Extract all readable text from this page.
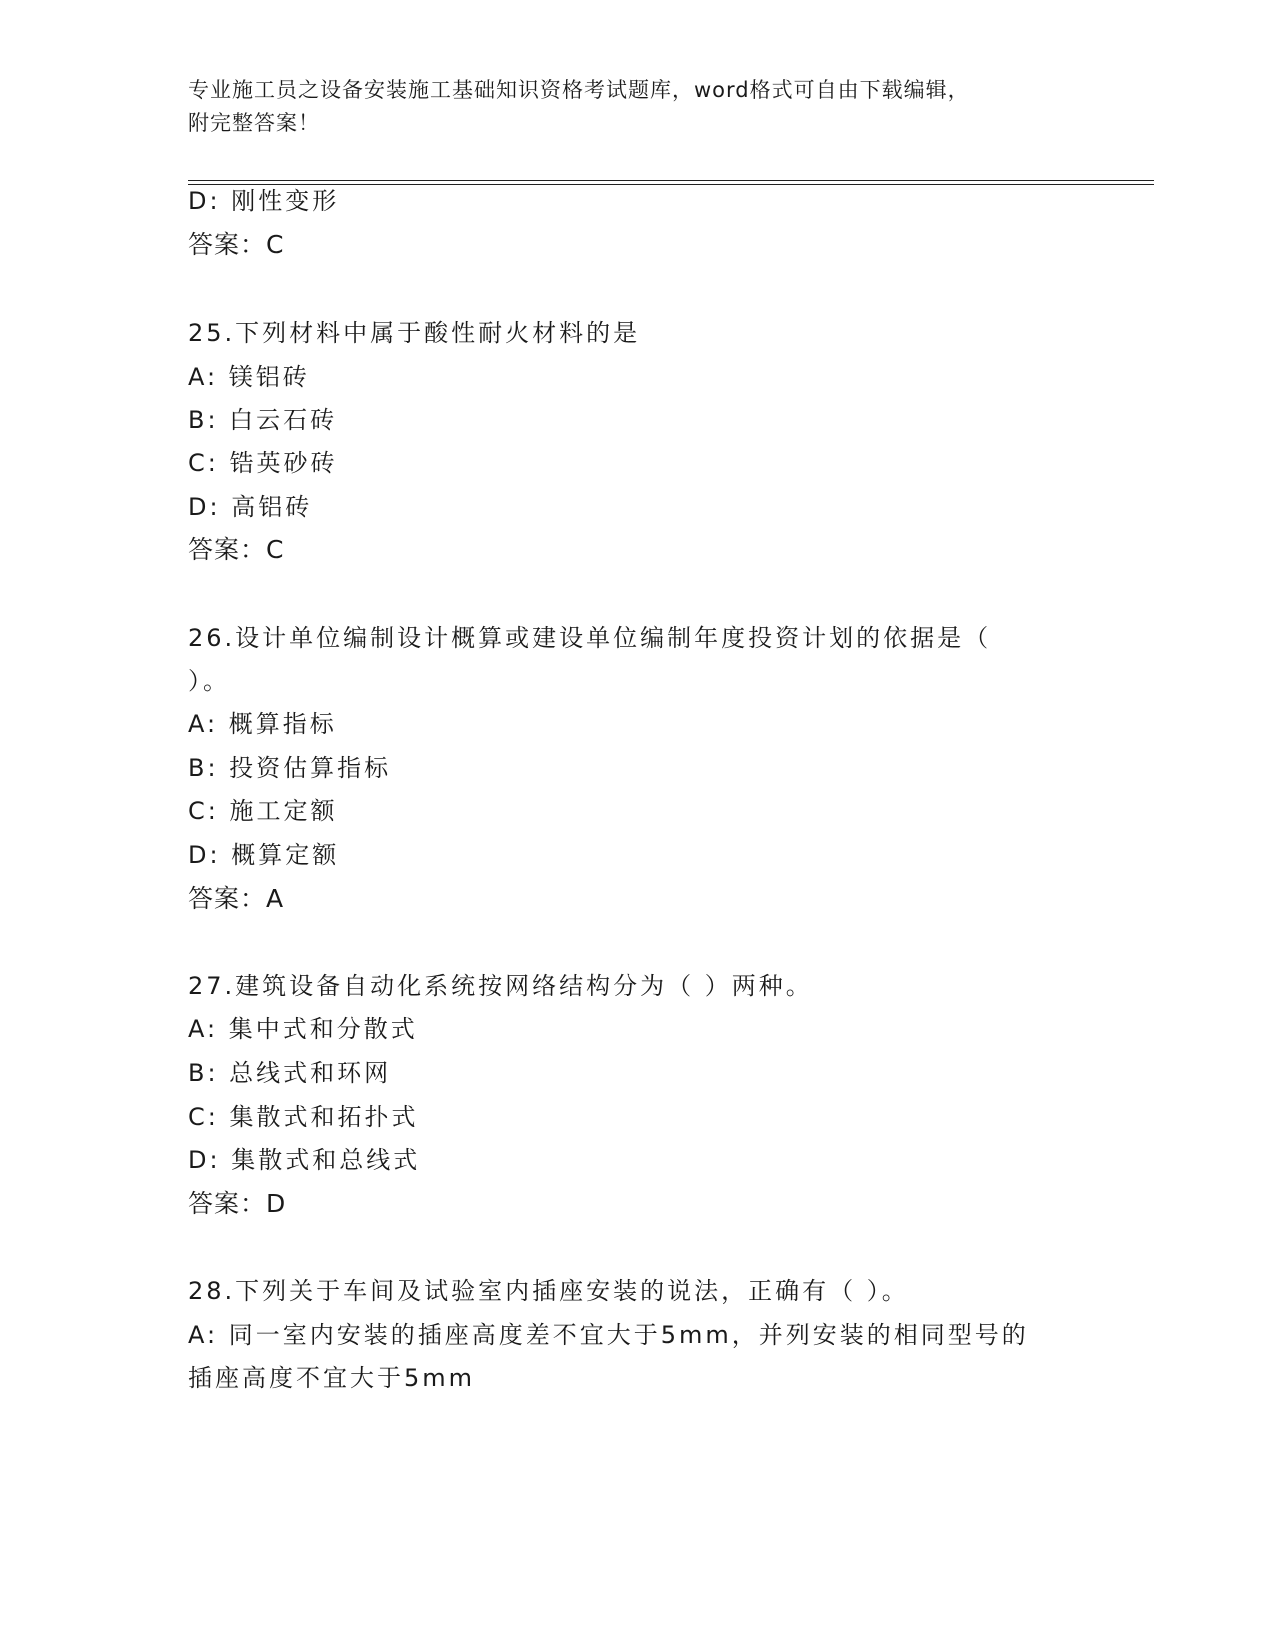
专业施工员之设备安装施工基础知识资格考试题库，word格式可自由下载编辑，
附完整答案！
D: 刚性变形
答案：C
25.下列材料中属于酸性耐火材料的是
A: 镁铝砖
B: 白云石砖
C: 锆英砂砖
D: 高铝砖
答案：C
26.设计单位编制设计概算或建设单位编制年度投资计划的依据是（
）。
A: 概算指标
B: 投资估算指标
C: 施工定额
D: 概算定额
答案：A
27.建筑设备自动化系统按网络结构分为（ ）两种。
A: 集中式和分散式
B: 总线式和环网
C: 集散式和拓扑式
D: 集散式和总线式
答案：D
28.下列关于车间及试验室内插座安装的说法，正确有（ ）。
A: 同一室内安装的插座高度差不宜大于5mm，并列安装的相同型号的
插座高度不宜大于5mm
